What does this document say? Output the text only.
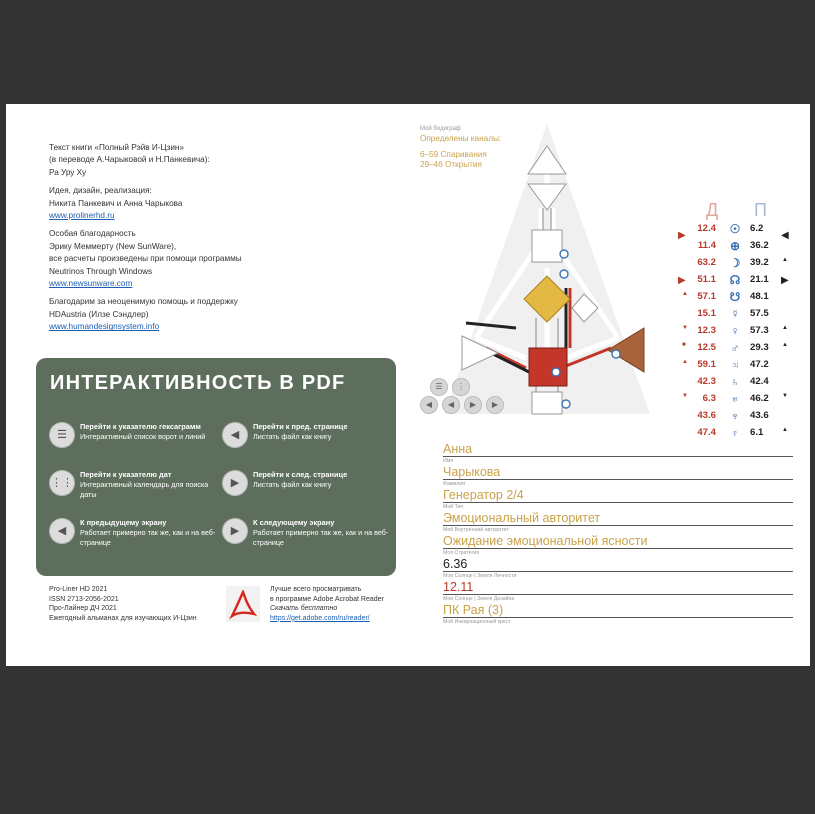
Текст книги «Полный Рэйв И-Цзин»
(в переводе А.Чарыковой и Н.Панкевича):
Ра Уру Ху

Идея, дизайн, реализация:
Никита Панкевич и Анна Чарыкова
www.prolinerhd.ru

Особая благодарность
Эрику Меммерту (New SunWare),
все расчеты произведены при помощи программы
Neutrinos Through Windows
www.newsunware.com

Благодарим за неоценимую помощь и поддержку
HDAustria (Илзе Сэндлер)
www.humandesignsystem.info

ИНТЕРАКТИВНОСТЬ В PDF
☰
Перейти к указателю гексаграмм
Интерактивный список ворот и линий	◀
Перейти к пред. странице
Листать файл как книгу
⋮⋮
Перейти к указателю дат
Интерактивный календарь для поиска даты
▶
Перейти к след. странице
Листать файл как книгу
◀
К предыдущему экрану
Работает примерно так же, как и на веб-странице
▶
К следующему экрану
Работает примерно так же, как и на веб-странице
Pro-Liner HD 2021
ISSN 2713-2056-2021
Про-Лайнер ДЧ 2021
Ежегодный альманах для изучающих И-Цзин
Лучше всего просматривать
в программе Adobe Acrobat Reader
Скачать бесплатно
https://get.adobe.com/ru/reader/
Мой бодиграф
Определены каналы:
6–59 Спаривания
29–46 Открытия
☰	⋮
◀	◀	▶	▶
Д П
12.4 ☉ 6.2
11.4 ⊕ 36.2
63.2 ☽ 39.2 ▲
51.1 ☊ 21.1
▲ 57.1 ☋ 48.1
15.1 ☿ 57.5
▼ 12.3 ♀ 57.3 ▲
■ 12.5 ♂ 29.3 ▲
▲ 59.1 ♃ 47.2
42.3 ♄ 42.4
▼ 6.3 ♅ 46.2 ▼
43.6 ♆ 43.6
47.4 ♇ 6.1	▲
▶	◀
▶	▶
Анна
Имя
Чарыкова
Фамилия
Генератор 2/4
Мой Тип
Эмоциональный авторитет
Мой Внутренний авторитет
Ожидание эмоциональной ясности
Моя Стратегия
6.36
Мои Солнце | Земля Личности
12.11
Мои Солнце | Земля Дизайна
ПК Рая (3)
Мой Инкарнационный крест
